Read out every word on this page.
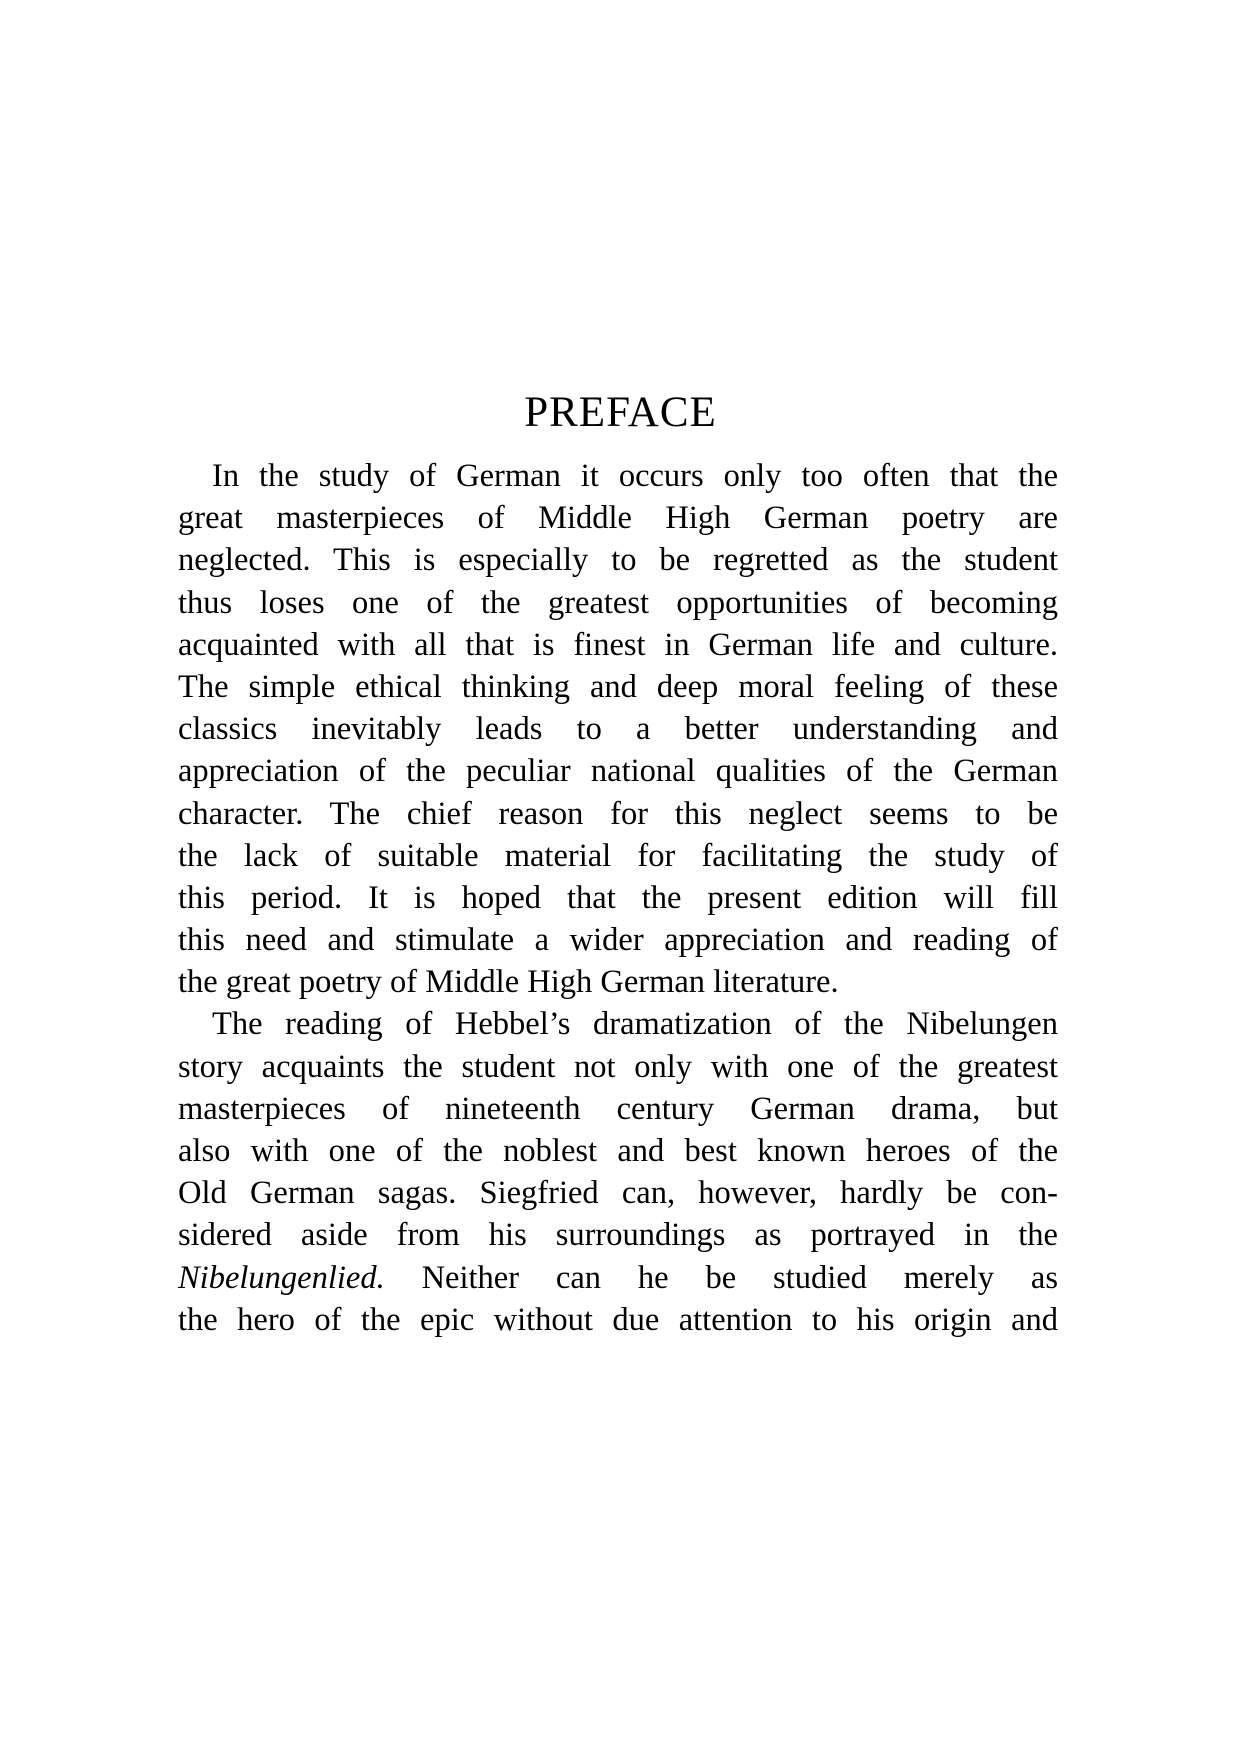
PREFACE

In the study of German it occurs only too often that the
great masterpieces of Middle High German poetry are
neglected. This is especially to be regretted as the student
thus loses one of the greatest opportunities of becoming
acquainted with all that is finest in German life and culture.
The simple ethical thinking and deep moral feeling of these
classics inevitably leads to a better understanding and
appreciation of the peculiar national qualities of the German
character. The chief reason for this neglect seems to be
the lack of suitable material for facilitating the study of
this period. It is hoped that the present edition will fill
this need and stimulate a wider appreciation and reading of
the great poetry of Middle High German literature.

The reading of Hebbel’s dramatization of the Nibelungen
story acquaints the student not only with one of the greatest
masterpieces of nineteenth century German drama, but
also with one of the noblest and best known heroes of the
Old German sagas. Siegfried can, however, hardly be con-
sidered aside from his surroundings as portrayed in the
Nibelungenlied. Neither can he be studied merely as
the hero of the epic without due attention to his origin and
